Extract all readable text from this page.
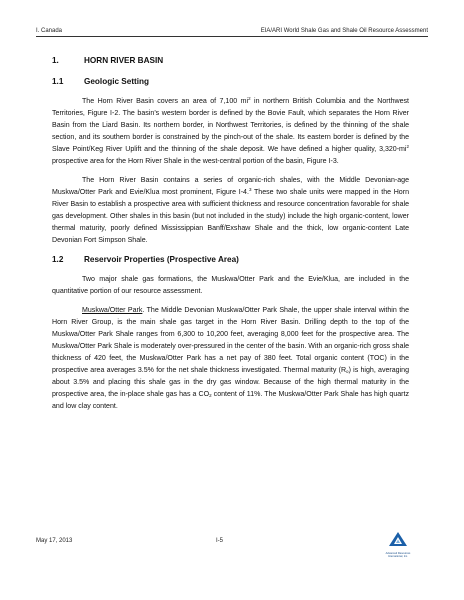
I. Canada	EIA/ARI World Shale Gas and Shale Oil Resource Assessment
1.	HORN RIVER BASIN
1.1	Geologic Setting

The Horn River Basin covers an area of 7,100 $mi^2$ in northern British Columbia and the Northwest Territories, Figure I-2. The basin’s western border is defined by the Bovie Fault, which separates the Horn River Basin from the Liard Basin. Its northern border, in Northwest Territories, is defined by the thinning of the shale section, and its southern border is constrained by the pinch-out of the shale. Its eastern border is defined by the Slave Point/Keg River Uplift and the thinning of the shale deposit. We have defined a higher quality, $3,320-mi^2$ prospective area for the Horn River Shale in the west-central portion of the basin, Figure I-3.

The Horn River Basin contains a series of organic-rich shales, with the Middle Devonian-age Muskwa/Otter Park and Evie/Klua most prominent, Figure I-4.$^3$ These two shale units were mapped in the Horn River Basin to establish a prospective area with sufficient thickness and resource concentration favorable for shale gas development. Other shales in this basin (but not included in the study) include the high organic-content, lower thermal maturity, poorly defined Mississippian Banff/Exshaw Shale and the thick, low organic-content Late Devonian Fort Simpson Shale.

1.2	Reservoir Properties (Prospective Area)

Two major shale gas formations, the Muskwa/Otter Park and the Evie/Klua, are included in the quantitative portion of our resource assessment.

Muskwa/Otter Park. The Middle Devonian Muskwa/Otter Park Shale, the upper shale interval within the Horn River Group, is the main shale gas target in the Horn River Basin. Drilling depth to the top of the Muskwa/Otter Park Shale ranges from 6,300 to 10,200 feet, averaging 8,000 feet for the prospective area. The Muskwa/Otter Park Shale is moderately over-pressured in the center of the basin. With an organic-rich gross shale thickness of 420 feet, the Muskwa/Otter Park has a net pay of 380 feet. Total organic content (TOC) in the prospective area averages 3.5% for the net shale thickness investigated. Thermal maturity $(R_o)$ is high, averaging about 3.5% and placing this shale gas in the dry gas window. Because of the high thermal maturity in the prospective area, the in-place shale gas has a $CO_2$ content of 11%. The Muskwa/Otter Park Shale has high quartz and low clay content.

May 17, 2013	I-5
Advanced Resources
International, Inc.
